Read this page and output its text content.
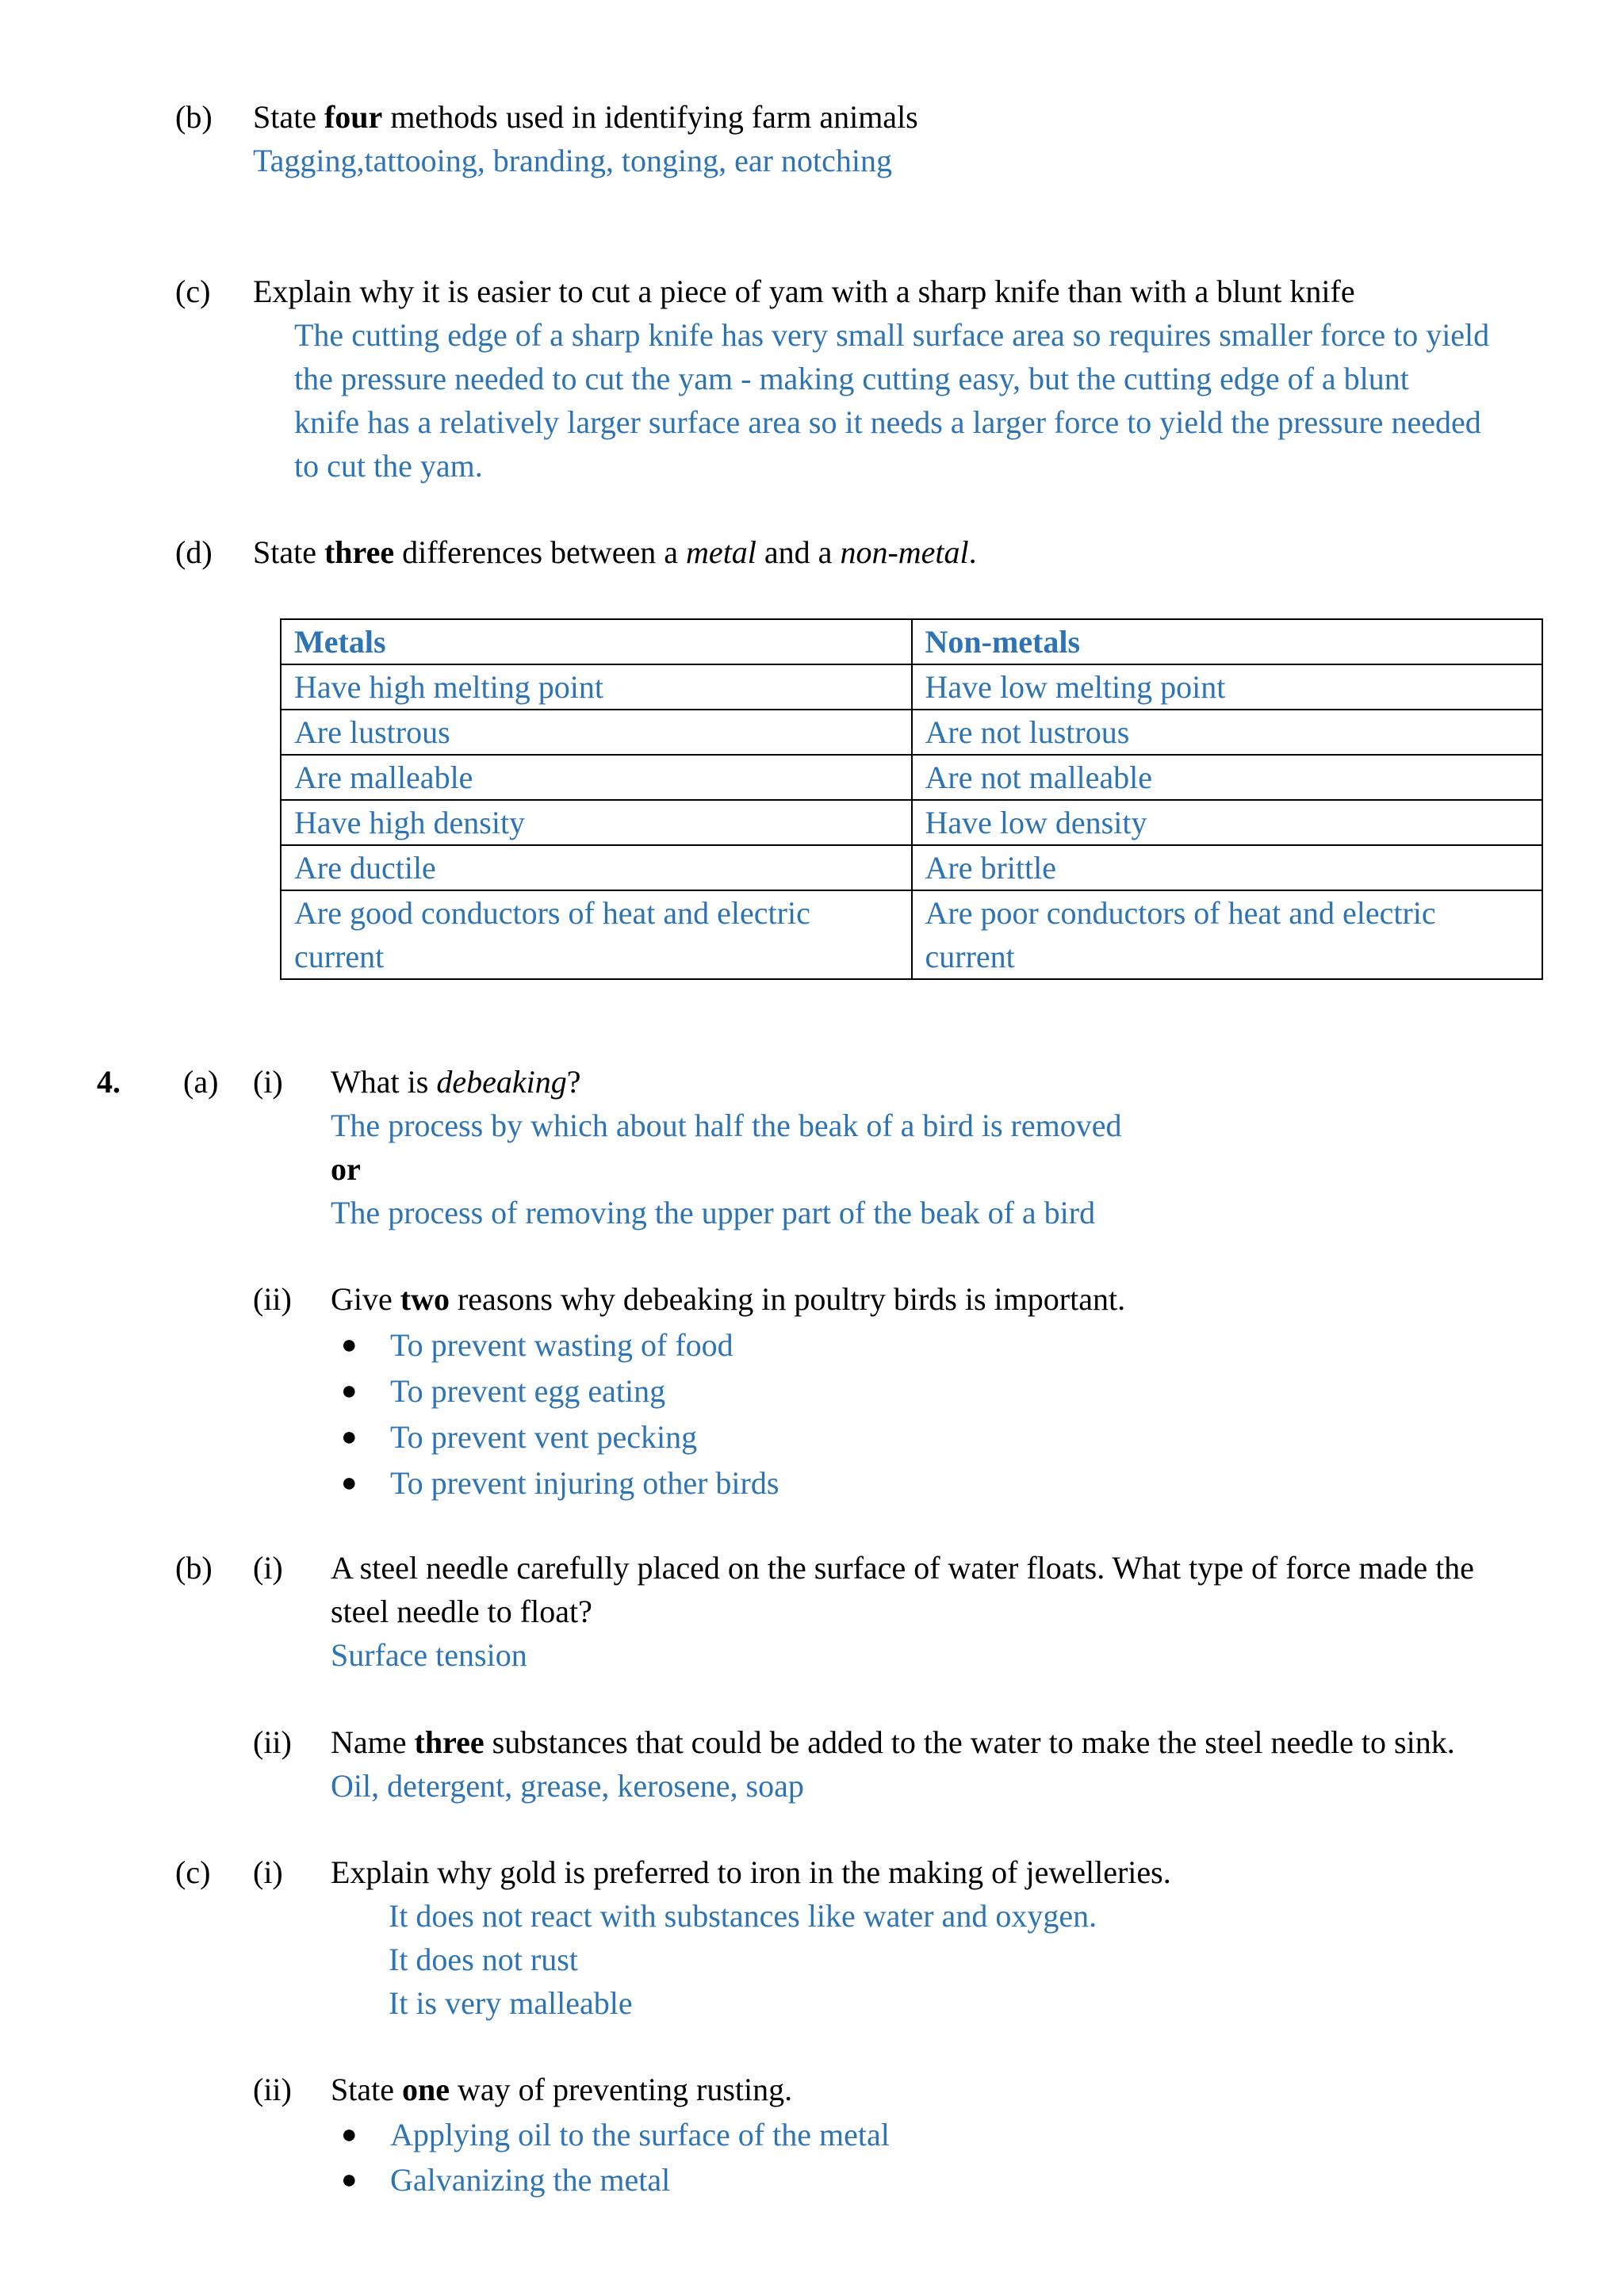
(b) State four methods used in identifying farm animals
Tagging,tattooing, branding, tonging, ear notching
(c) Explain why it is easier to cut a piece of yam with a sharp knife than with a blunt knife
The cutting edge of a sharp knife has very small surface area so requires smaller force to yield
the pressure needed to cut the yam - making cutting easy, but the cutting edge of a blunt
knife has a relatively larger surface area so it needs a larger force to yield the pressure needed
to cut the yam.
(d) State three differences between a metal and a non-metal.
Metals	Non-metals
Have high melting point	Have low melting point
Are lustrous	Are not lustrous
Are malleable	Are not malleable
Have high density	Have low density
Are ductile	Are brittle
Are good conductors of heat and electric current	Are poor conductors of heat and electric current
4. (a) (i) What is debeaking?
The process by which about half the beak of a bird is removed
or
The process of removing the upper part of the beak of a bird
(ii) Give two reasons why debeaking in poultry birds is important.
● To prevent wasting of food
● To prevent egg eating
● To prevent vent pecking
● To prevent injuring other birds
(b) (i) A steel needle carefully placed on the surface of water floats. What type of force made the
steel needle to float?
Surface tension
(ii) Name three substances that could be added to the water to make the steel needle to sink.
Oil, detergent, grease, kerosene, soap
(c) (i) Explain why gold is preferred to iron in the making of jewelleries.
It does not react with substances like water and oxygen.
It does not rust
It is very malleable
(ii) State one way of preventing rusting.
● Applying oil to the surface of the metal
● Galvanizing the metal
